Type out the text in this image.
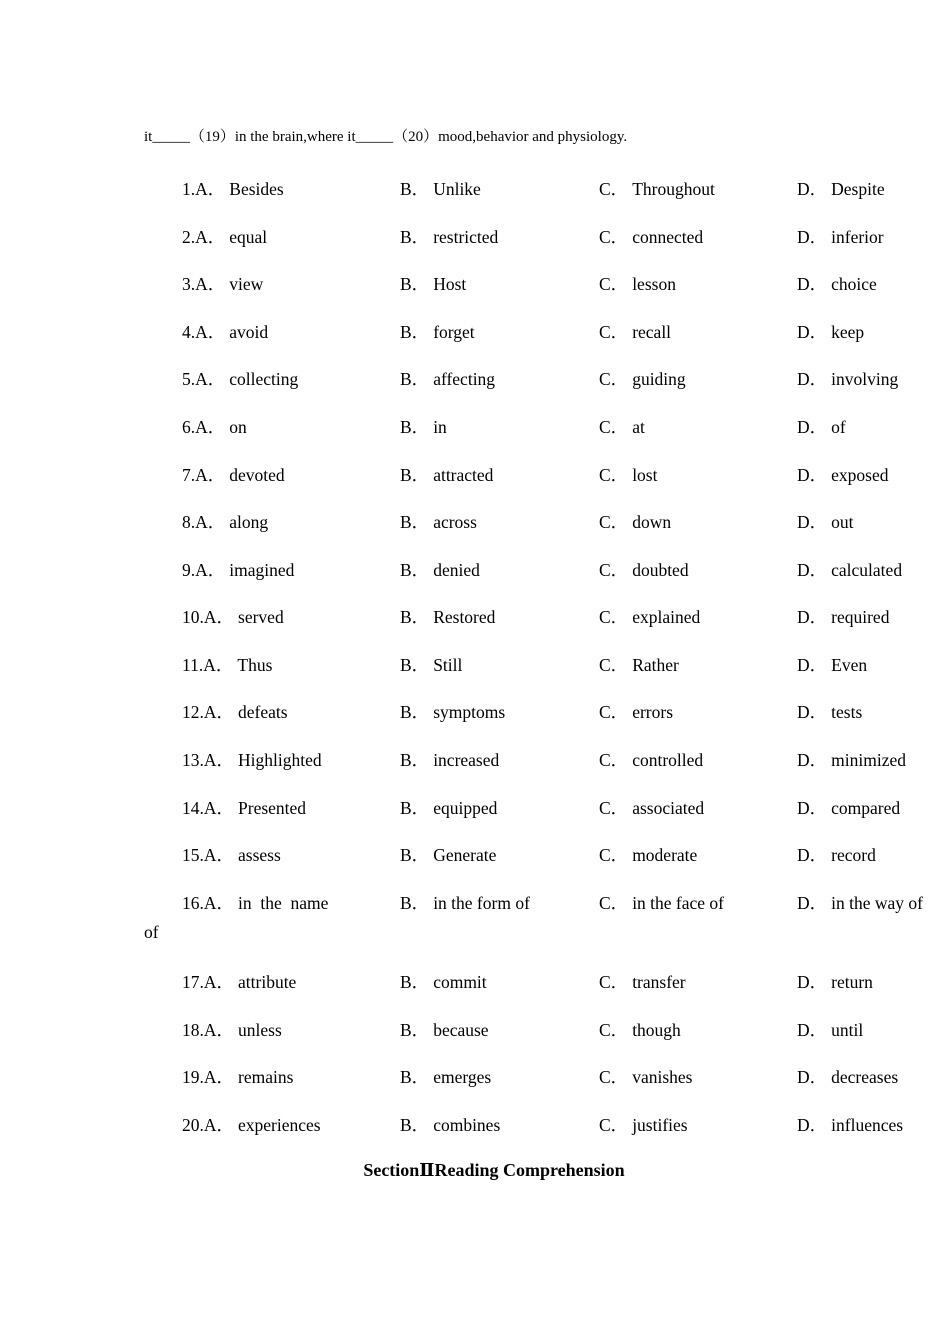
it_____（19）in the brain,where it_____（20）mood,behavior and physiology.
1.A． Besides	B． Unlike	C． Throughout	D． Despite
2.A． equal	B． restricted	C． connected	D． inferior
3.A． view	B． Host	C． lesson	D． choice
4.A． avoid	B． forget	C． recall	D． keep
5.A． collecting	B． affecting	C． guiding	D． involving
6.A． on	B． in	C． at	D． of
7.A． devoted	B． attracted	C． lost	D． exposed
8.A． along	B． across	C． down	D． out
9.A． imagined	B． denied	C． doubted	D． calculated
10.A． served	B． Restored	C． explained	D． required
11.A． Thus	B． Still	C． Rather	D． Even
12.A． defeats	B． symptoms	C． errors	D． tests
13.A． Highlighted	B． increased	C． controlled	D． minimized
14.A． Presented	B． equipped	C． associated	D． compared
15.A． assess	B． Generate	C． moderate	D． record
16.A． in  the  name	B． in the form of	C． in the face of	D． in the way of
17.A． attribute	B． commit	C． transfer	D． return
18.A． unless	B． because	C． though	D． until
19.A． remains	B． emerges	C． vanishes	D． decreases
20.A． experiences	B． combines	C． justifies	D． influences
of
SectionⅡReading Comprehension
